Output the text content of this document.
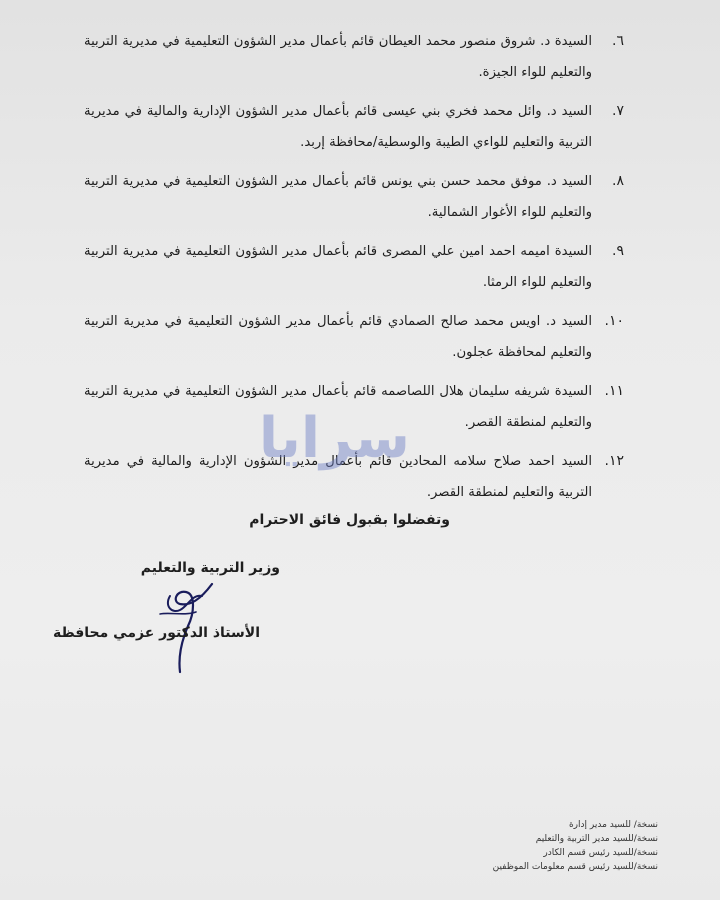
٦.
السيدة د. شروق منصور محمد العيطان قائم بأعمال مدير الشؤون التعليمية في مديرية التربية والتعليم للواء الجيزة.
٧.
السيد د. وائل محمد فخري بني عيسى قائم بأعمال مدير الشؤون الإدارية والمالية في مديرية التربية والتعليم للواءي الطيبة والوسطية/محافظة إربد.
٨.
السيد د. موفق محمد حسن بني يونس قائم بأعمال مدير الشؤون التعليمية في مديرية التربية والتعليم للواء الأغوار الشمالية.
٩.
السيدة اميمه احمد امين علي المصرى قائم بأعمال مدير الشؤون التعليمية في مديرية التربية والتعليم للواء الرمثا.
١٠.
السيد د. اويس محمد صالح الصمادي قائم بأعمال مدير الشؤون التعليمية في مديرية التربية والتعليم لمحافظة عجلون.
١١.
السيدة شريفه سليمان هلال اللصاصمه قائم بأعمال مدير الشؤون التعليمية في مديرية التربية والتعليم لمنطقة القصر.
١٢.
السيد احمد صلاح سلامه المحادين قائم بأعمال مدير الشؤون الإدارية والمالية في مديرية التربية والتعليم لمنطقة القصر.
سرايا
وتفضلوا بقبول فائق الاحترام
وزير التربية والتعليم
الأستاذ الدكتور عزمي محافظة
نسخة/ للسيد مدير إدارة
نسخة/للسيد مدير التربية والتعليم
نسخة/للسيد رئيس قسم الكادر
نسخة/للسيد رئيس قسم معلومات الموظفين
